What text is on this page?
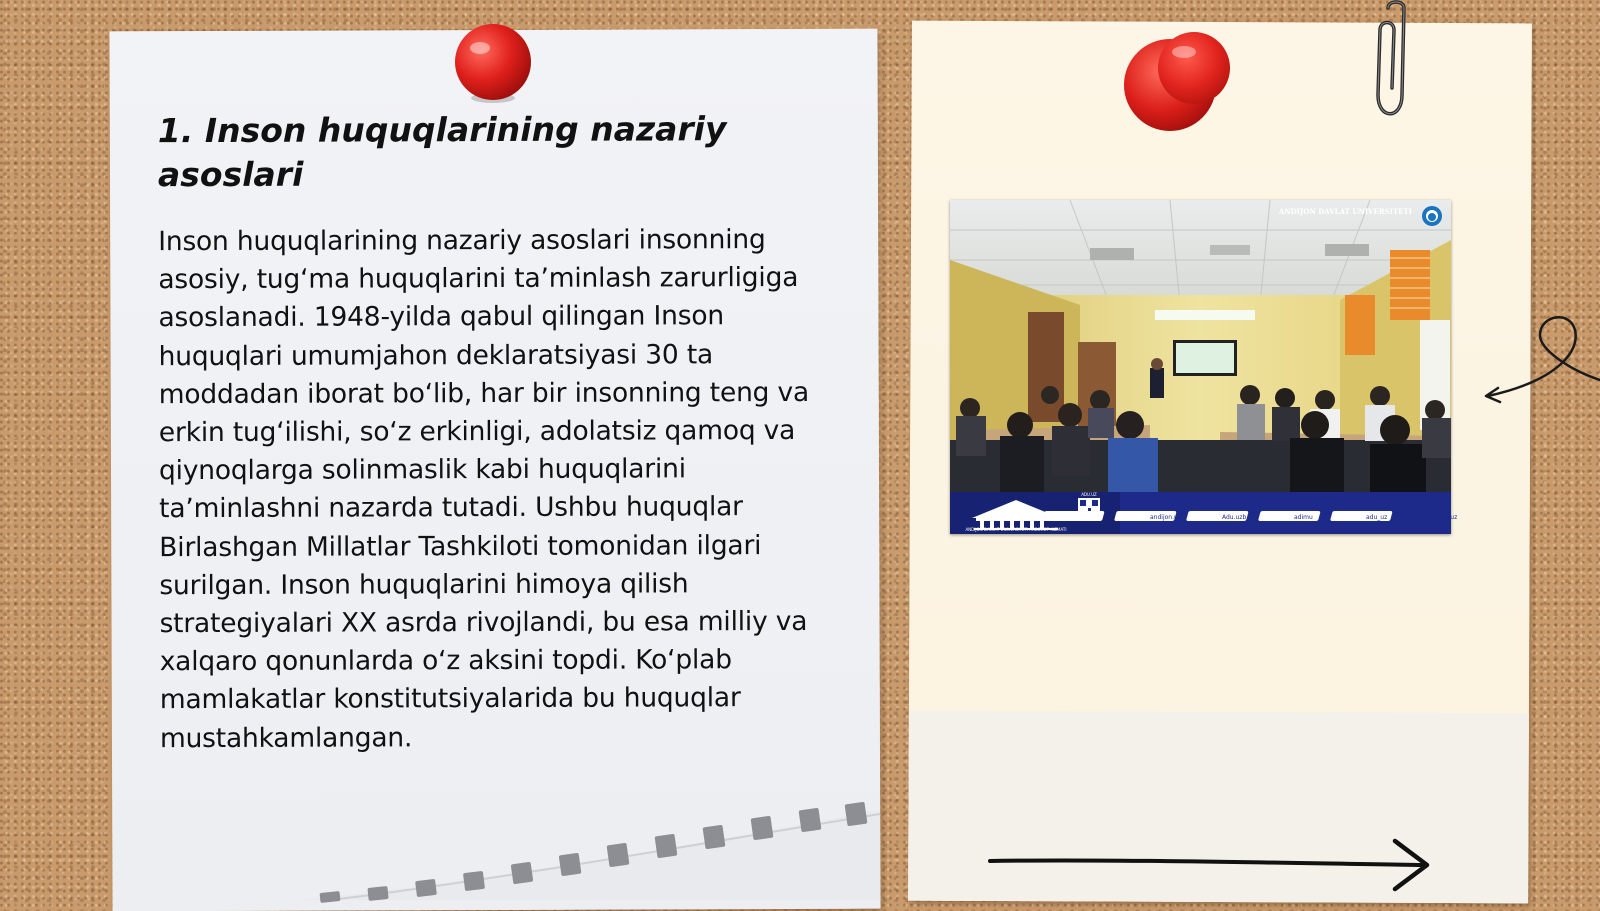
1. Inson huquqlarining nazariy asoslari

Inson huquqlarining nazariy asoslari insonning asosiy, tug‘ma huquqlarini ta’minlash zarurligiga asoslanadi. 1948-yilda qabul qilingan Inson huquqlari umumjahon deklaratsiyasi 30 ta moddadan iborat bo‘lib, har bir insonning teng va erkin tug‘ilishi, so‘z erkinligi, adolatsiz qamoq va qiynoqlarga solinmaslik kabi huquqlarini ta’minlashni nazarda tutadi. Ushbu huquqlar Birlashgan Millatlar Tashkiloti tomonidan ilgari surilgan. Inson huquqlarini himoya qilish strategiyalari XX asrda rivojlandi, bu esa milliy va xalqaro qonunlarda o‘z aksini topdi. Ko‘plab mamlakatlar konstitutsiyalarida bu huquqlar mustahkamlangan.

ANDIJON DAVLAT UNIVERSITETI
ANDIJON DAVLAT UNIVERSITETI AXBOROT XIZMATI
ADU.UZ
andijon.uz	Adu.uzb	adimu	adu_uz	adu_uz
